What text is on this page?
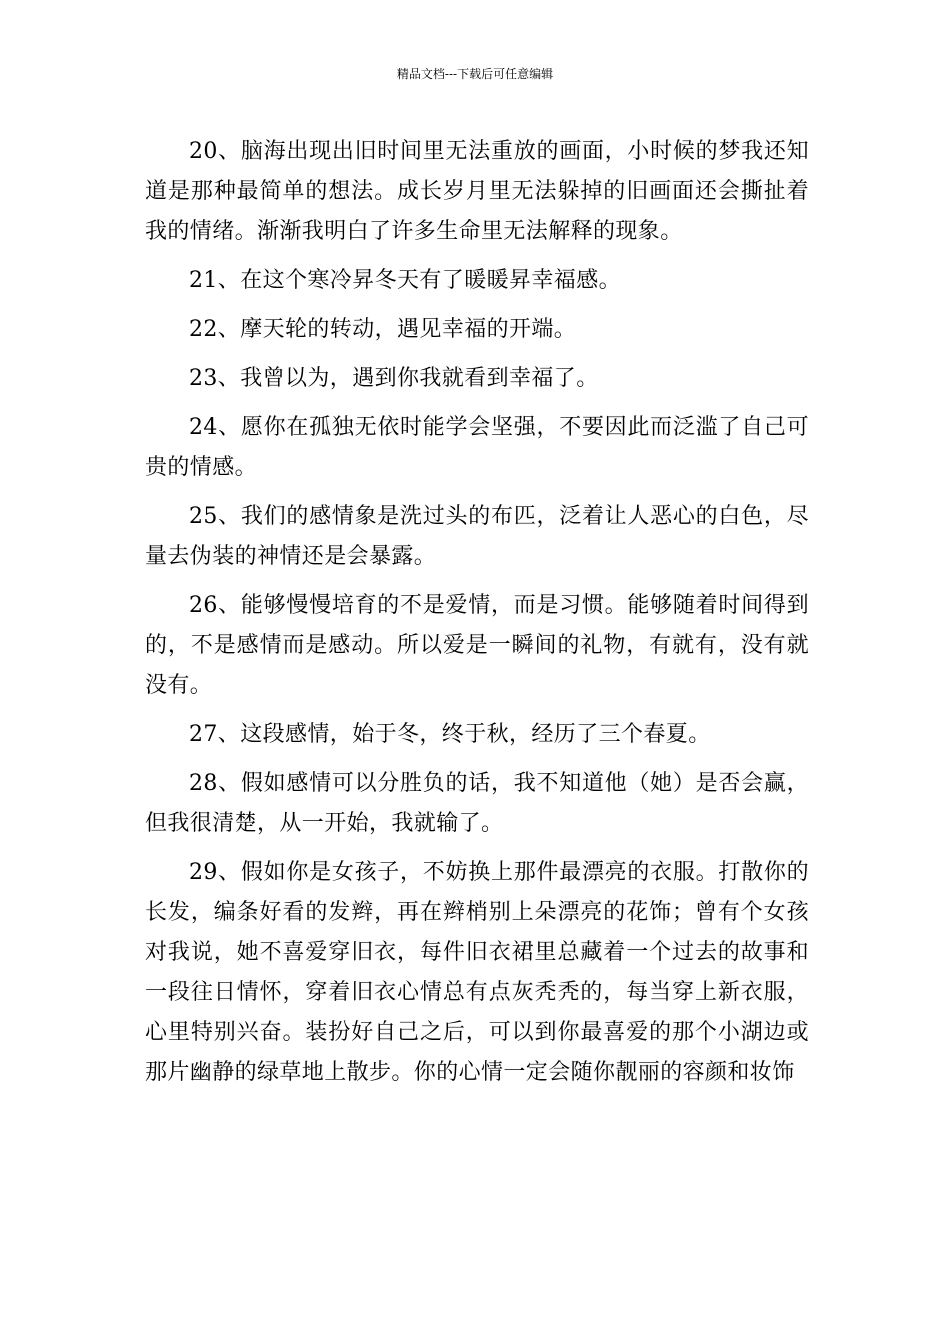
精品文档---下载后可任意编辑

20、脑海出现出旧时间里无法重放的画面，小时候的梦我还知道是那种最简单的想法。成长岁月里无法躲掉的旧画面还会撕扯着我的情绪。渐渐我明白了许多生命里无法解释的现象。

21、在这个寒冷昇冬天有了暖暖昇幸福感。

22、摩天轮的转动，遇见幸福的开端。

23、我曾以为，遇到你我就看到幸福了。

24、愿你在孤独无依时能学会坚强，不要因此而泛滥了自己可贵的情感。

25、我们的感情象是洗过头的布匹，泛着让人恶心的白色，尽量去伪装的神情还是会暴露。

26、能够慢慢培育的不是爱情，而是习惯。能够随着时间得到的，不是感情而是感动。所以爱是一瞬间的礼物，有就有，没有就没有。

27、这段感情，始于冬，终于秋，经历了三个春夏。

28、假如感情可以分胜负的话，我不知道他（她）是否会赢，但我很清楚，从一开始，我就输了。

29、假如你是女孩子，不妨换上那件最漂亮的衣服。打散你的长发，编条好看的发辫，再在辫梢别上朵漂亮的花饰；曾有个女孩对我说，她不喜爱穿旧衣，每件旧衣裙里总藏着一个过去的故事和一段往日情怀，穿着旧衣心情总有点灰秃秃的，每当穿上新衣服，心里特别兴奋。装扮好自己之后，可以到你最喜爱的那个小湖边或那片幽静的绿草地上散步。你的心情一定会随你靓丽的容颜和妆饰
